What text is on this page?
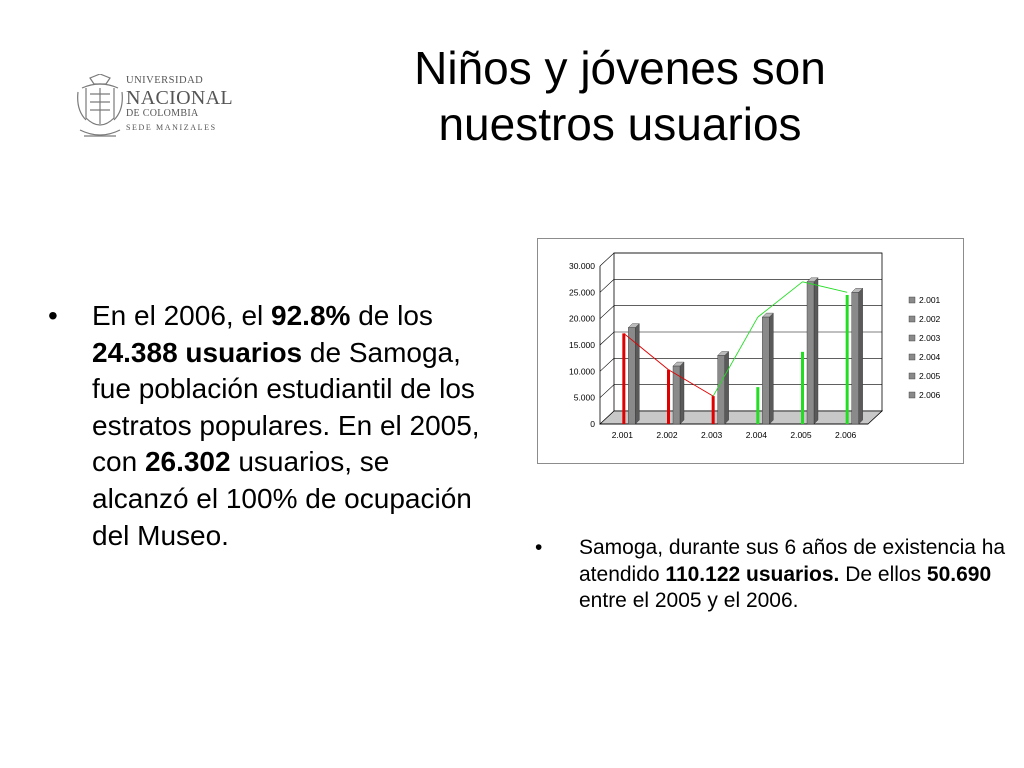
UNIVERSIDAD
NACIONAL
DE COLOMBIA
SEDE MANIZALES
Niños y jóvenes son
nuestros usuarios

• En el 2006, el 92.8% de los 24.388 usuarios de Samoga, fue población estudiantil de los estratos populares. En el 2005, con 26.302 usuarios, se alcanzó el 100% de ocupación del Museo.

0
5.000
10.000
15.000
20.000
25.000
30.000
2.001	2.002	2.003	2.004	2.005	2.006
2.001
2.002
2.003
2.004
2.005
2.006

• Samoga, durante sus 6 años de existencia ha atendido 110.122 usuarios. De ellos 50.690 entre el 2005 y el 2006.
